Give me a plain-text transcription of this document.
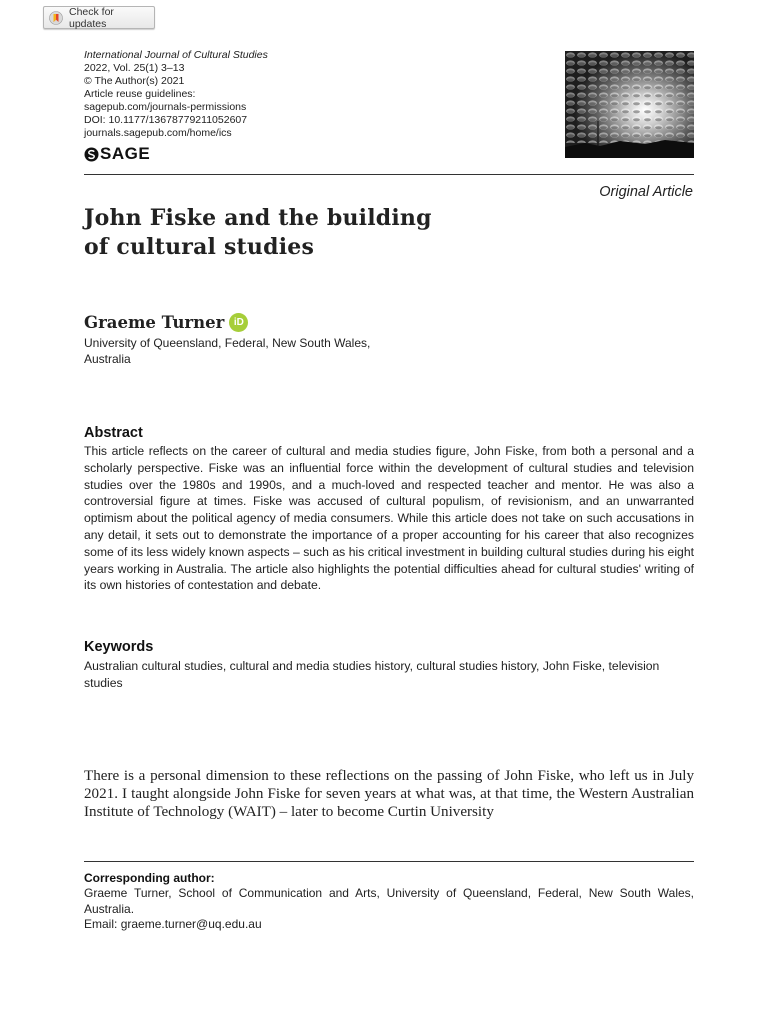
Check for updates
International Journal of Cultural Studies
2022, Vol. 25(1) 3–13
© The Author(s) 2021
Article reuse guidelines:
sagepub.com/journals-permissions
DOI: 10.1177/13678779211052607
journals.sagepub.com/home/ics
SAGE
Original Article
John Fiske and the building
of cultural studies
Graeme Turner iD
University of Queensland, Federal, New South Wales, Australia
Abstract
This article reflects on the career of cultural and media studies figure, John Fiske, from both a personal and a scholarly perspective. Fiske was an influential force within the development of cultural studies and television studies over the 1980s and 1990s, and a much-loved and respected teacher and mentor. He was also a controversial figure at times. Fiske was accused of cultural populism, of revisionism, and an unwarranted optimism about the political agency of media consumers. While this article does not take on such accusations in any detail, it sets out to demonstrate the importance of a proper accounting for his career that also recognizes some of its less widely known aspects – such as his critical investment in building cultural studies during his eight years working in Australia. The article also highlights the potential difficulties ahead for cultural studies' writing of its own histories of contestation and debate.
Keywords
Australian cultural studies, cultural and media studies history, cultural studies history, John Fiske, television studies
There is a personal dimension to these reflections on the passing of John Fiske, who left us in July 2021. I taught alongside John Fiske for seven years at what was, at that time, the Western Australian Institute of Technology (WAIT) – later to become Curtin University
Corresponding author:
Graeme Turner, School of Communication and Arts, University of Queensland, Federal, New South Wales, Australia.
Email: graeme.turner@uq.edu.au
